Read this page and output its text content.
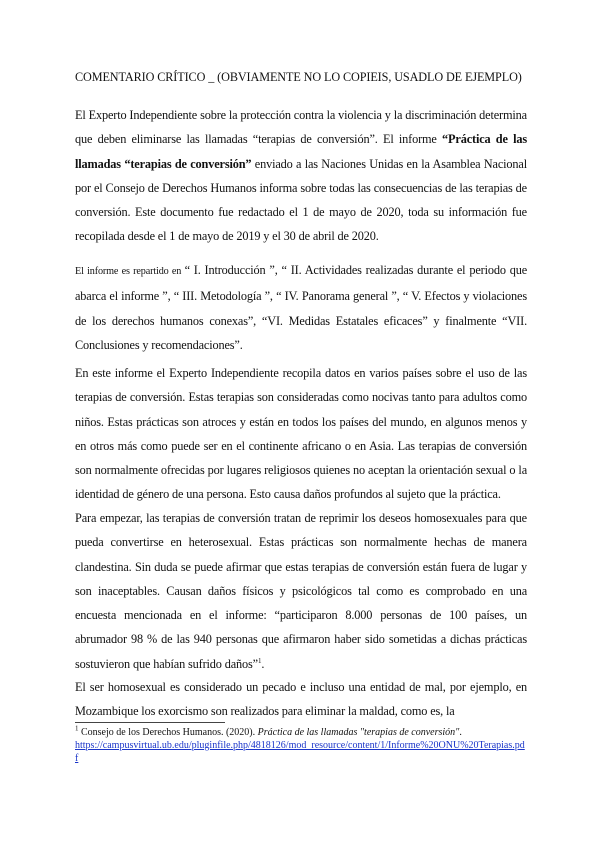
COMENTARIO CRÍTICO _ (OBVIAMENTE NO LO COPIEIS, USADLO DE EJEMPLO)

El Experto Independiente sobre la protección contra la violencia y la discriminación determina que deben eliminarse las llamadas “terapias de conversión”. El informe “Práctica de las llamadas “terapias de conversión” enviado a las Naciones Unidas en la Asamblea Nacional por el Consejo de Derechos Humanos informa sobre todas las consecuencias de las terapias de conversión. Este documento fue redactado el 1 de mayo de 2020, toda su información fue recopilada desde el 1 de mayo de 2019 y el 30 de abril de 2020.

El informe es repartido en “ I. Introducción ”, “ II. Actividades realizadas durante el periodo que abarca el informe ”, “ III. Metodología ”, “ IV. Panorama general ”, “ V. Efectos y violaciones de los derechos humanos conexas”, “VI. Medidas Estatales eficaces” y finalmente “VII. Conclusiones y recomendaciones”.

En este informe el Experto Independiente recopila datos en varios países sobre el uso de las terapias de conversión. Estas terapias son consideradas como nocivas tanto para adultos como niños. Estas prácticas son atroces y están en todos los países del mundo, en algunos menos y en otros más como puede ser en el continente africano o en Asia. Las terapias de conversión son normalmente ofrecidas por lugares religiosos quienes no aceptan la orientación sexual o la identidad de género de una persona. Esto causa daños profundos al sujeto que la práctica.

Para empezar, las terapias de conversión tratan de reprimir los deseos homosexuales para que pueda convertirse en heterosexual. Estas prácticas son normalmente hechas de manera clandestina. Sin duda se puede afirmar que estas terapias de conversión están fuera de lugar y son inaceptables. Causan daños físicos y psicológicos tal como es comprobado en una encuesta mencionada en el informe: “participaron 8.000 personas de 100 países, un abrumador 98 % de las 940 personas que afirmaron haber sido sometidas a dichas prácticas sostuvieron que habían sufrido daños”$^1$.

El ser homosexual es considerado un pecado e incluso una entidad de mal, por ejemplo, en Mozambique los exorcismo son realizados para eliminar la maldad, como es, la

$^1$ Consejo de los Derechos Humanos. (2020). Práctica de las llamadas "terapias de conversión".
https://campusvirtual.ub.edu/pluginfile.php/4818126/mod_resource/content/1/Informe%20ONU%20Terapias.pdf
